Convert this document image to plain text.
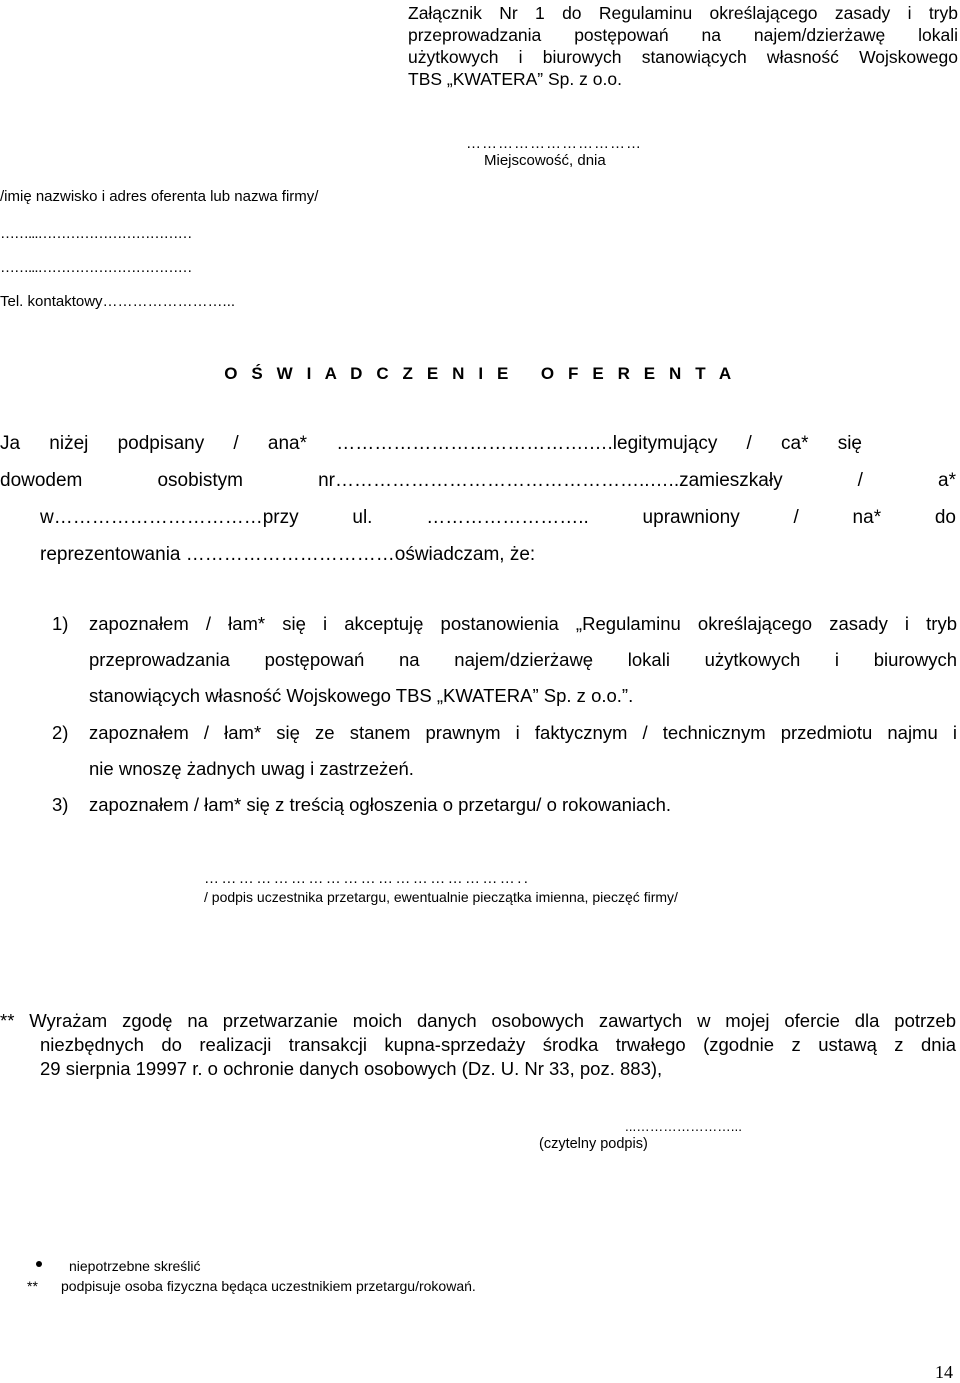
Załącznik Nr 1 do Regulaminu określającego zasady i tryb
przeprowadzania postępowań na najem/dzierżawę lokali
użytkowych i biurowych stanowiących własność Wojskowego
TBS „KWATERA” Sp. z o.o.
……………………………
Miejscowość, dnia
/imię nazwisko i adres oferenta lub nazwa firmy/
……...……………………………
……...……………………………
Tel. kontaktowy……………………...
O Ś W I A D C Z E N I E   O F E R E N T A
Ja niżej podpisany / ana* ………………………………….….legitymujący / ca* się
dowodem osobistym nr…………………………………………..…..zamieszkały / a*
w……………………………przy ul. …………………….. uprawniony / na* do
reprezentowania ……………………………oświadczam, że:
1) zapoznałem / łam* się i akceptuję postanowienia „Regulaminu określającego zasady i tryb
przeprowadzania postępowań na najem/dzierżawę lokali użytkowych i biurowych
stanowiących własność Wojskowego TBS „KWATERA” Sp. z o.o.”.
2) zapoznałem / łam* się ze stanem prawnym i faktycznym / technicznym przedmiotu najmu i
nie wnoszę żadnych uwag i zastrzeżeń.
3) zapoznałem / łam* się z treścią ogłoszenia o przetargu/ o rokowaniach.
………………………………………………..
/ podpis uczestnika przetargu, ewentualnie pieczątka imienna, pieczęć firmy/
** Wyrażam zgodę na przetwarzanie moich danych osobowych zawartych w mojej ofercie dla potrzeb
niezbędnych do realizacji transakcji kupna-sprzedaży środka trwałego (zgodnie z ustawą z dnia
29 sierpnia 19997 r. o ochronie danych osobowych (Dz. U. Nr 33, poz. 883),
...…………………...
(czytelny podpis)
niepotrzebne skreślić
** podpisuje osoba fizyczna będąca uczestnikiem przetargu/rokowań.
14
